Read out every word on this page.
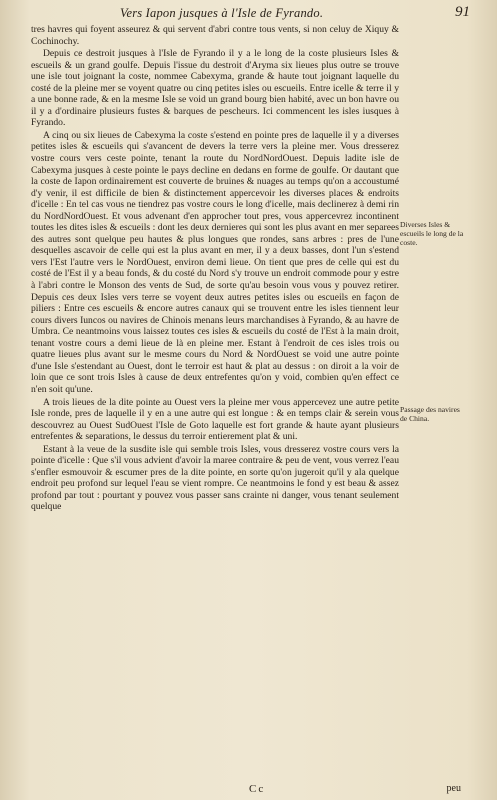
Vers Iapon jusques à l'Isle de Fyrando.	91

tres havres qui foyent asseurez & qui servent d'abri contre tous vents, si non celuy de Xiquy & Cochinochy.

Depuis ce destroit jusques à l'Isle de Fyrando il y a le long de la coste plusieurs Isles & escueils & un grand goulfe. Depuis l'issue du destroit d'Aryma six lieues plus outre se trouve une isle tout joignant la coste, nommee Cabexyma, grande & haute tout joignant laquelle du costé de la pleine mer se voyent quatre ou cinq petites isles ou escueils. Entre icelle & terre il y a une bonne rade, & en la mesme Isle se void un grand bourg bien habité, avec un bon havre ou il y a d'ordinaire plusieurs fustes & barques de pescheurs. Ici commencent les isles iusques à Fyrando.

A cinq ou six lieues de Cabexyma la coste s'estend en pointe pres de laquelle il y a diverses petites isles & escueils qui s'avancent de devers la terre vers la pleine mer. Vous dresserez vostre cours vers ceste pointe, tenant la route du NordNordOuest. Depuis ladite isle de Cabexyma jusques à ceste pointe le pays decline en dedans en forme de goulfe. Or dautant que la coste de Iapon ordinairement est couverte de bruines & nuages au temps qu'on a accoustumé d'y venir, il est difficile de bien & distinctement appercevoir les diverses places & endroits d'icelle : En tel cas vous ne tiendrez pas vostre cours le long d'icelle, mais declinerez à demi rin du NordNordOuest. Et vous advenant d'en approcher tout pres, vous appercevrez incontinent toutes les dites isles & escueils : dont les deux dernieres qui sont les plus avant en mer separees des autres sont quelque peu hautes & plus longues que rondes, sans arbres : pres de l'une desquelles ascavoir de celle qui est la plus avant en mer, il y a deux basses, dont l'un s'estend vers l'Est l'autre vers le NordOuest, environ demi lieue. On tient que pres de celle qui est du costé de l'Est il y a beau fonds, & du costé du Nord s'y trouve un endroit commode pour y estre à l'abri contre le Monson des vents de Sud, de sorte qu'au besoin vous vous y pouvez retirer. Depuis ces deux Isles vers terre se voyent deux autres petites isles ou escueils en façon de piliers : Entre ces escueils & encore autres canaux qui se trouvent entre les isles tiennent leur cours divers Iuncos ou navires de Chinois menans leurs marchandises à Fyrando, & au havre de Umbra. Ce neantmoins vous laissez toutes ces isles & escueils du costé de l'Est à la main droit, tenant vostre cours a demi lieue de là en pleine mer. Estant à l'endroit de ces isles trois ou quatre lieues plus avant sur le mesme cours du Nord & NordOuest se void une autre pointe d'une Isle s'estendant au Ouest, dont le terroir est haut & plat au dessus : on diroit a la voir de loin que ce sont trois Isles à cause de deux entrefentes qu'on y void, combien qu'en effect ce n'en soit qu'une.

A trois lieues de la dite pointe au Ouest vers la pleine mer vous appercevez une autre petite Isle ronde, pres de laquelle il y en a une autre qui est longue : & en temps clair & serein vous descouvrez au Ouest SudOuest l'Isle de Goto laquelle est fort grande & haute ayant plusieurs entrefentes & separations, le dessus du terroir entierement plat & uni.

Estant à la veue de la susdite isle qui semble trois Isles, vous dresserez vostre cours vers la pointe d'icelle : Que s'il vous advient d'avoir la maree contraire & peu de vent, vous verrez l'eau s'enfler esmouvoir & escumer pres de la dite pointe, en sorte qu'on jugeroit qu'il y ala quelque endroit peu profond sur lequel l'eau se vient rompre. Ce neantmoins le fond y est beau & assez profond par tout : pourtant y pouvez vous passer sans crainte ni danger, vous tenant seulement quelque

Diverses Isles & escueils le long de la coste.
Passage des navires de China.
Cc	peu
